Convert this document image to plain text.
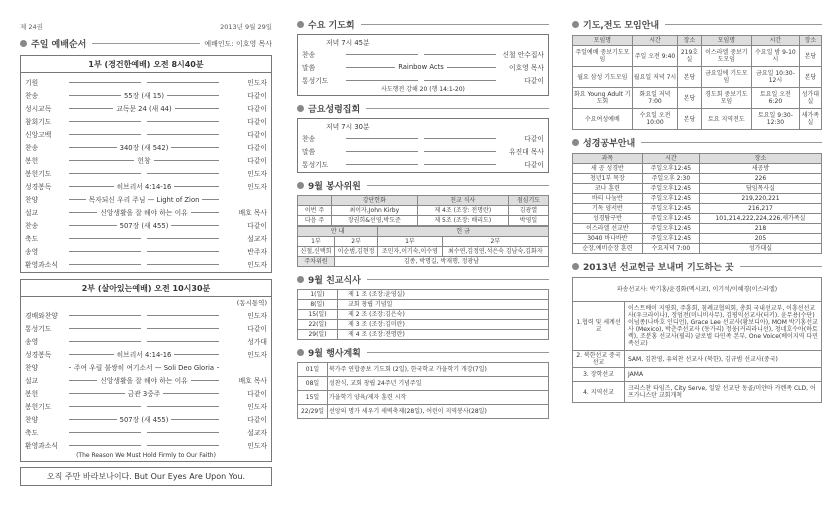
제 24권	2013년 9월 29일
주일 예배순서	예배인도: 이호영 목사
1부 (경건한예배) 오전 8시40분
기원	인도자
찬송	55장 (새 15)	다같이
성시교독	교독문 24 (새 44)	다같이
참회기도	다같이
신앙고백	다같이
찬송	340장 (새 542)	다같이
봉헌	헌창	다같이
봉헌기도	인도자
성경봉독	히브리서 4:14-16	인도자
찬양	목자되신 우리 주님 — Light of Zion
설교	신앙생활을 잘 해야 하는 이유	배호 목사
찬송	507장 (새 455)	다같이
축도	설교자
송영	반주자
환영과소식	인도자
2부 (살아있는예배) 오전 10시30분
(동시통역)
경배와찬양	인도자
통성기도	다같이
송영	성가대
성경봉독	히브리서 4:14-16	인도자
찬양	주여 우릴 불쌍히 여기소서 — Soli Deo Gloria
설교	신앙생활을 잘 해야 하는 이유	배호 목사
봉헌	금관 3중주	다같이
봉헌기도	인도자
찬양	507장 (새 455)	다같이
축도	설교자
환영과소식	인도자
(The Reason We Must Hold Firmly to Our Faith)
오직 주만 바라보나이다. But Our Eyes Are Upon You.
수요 기도회
저녁 7시 45분
찬송	신철 안수집사
말씀	Rainbow Acts	이호영 목사
통성기도	다같이
사도행전 강해 20 (행 14:1-20)
금요성령집회
저녁 7시 30분
찬송	다같이
말씀	유진대 목사
통성기도	다같이
9월 봉사위원
	강단헌화	친교 식사	점심기도
이번 주	최이자,John Kirby	제 4조 (조장: 전명란)	김광열
다음 주	장권희&선영,박도준	제 5조 (조장: 배리도)	박영일
안 내		헌 금	
1부	2부	1부	2부
신철,신택희	이순범,김현정	조민자,이기숙,이수영	최수연,김정연,석은숙 김남숙,김화자
주차위원	김종, 박명길, 박재행, 정광남		
9월 친교식사
1(일)	제 1 조 (조장:윤영실)
8(일)	교회 창립 기념일
15(일)	제 2 조 (조장:김은숙)
22(일)	제 3 조 (조장:김미란)
29(일)	제 4 조 (조장:전명란)
9월 행사계획
01일	북가주 연합중보 기도회 (2일), 한국학교 가을학기 개강(7일)
08일	성찬식, 교회 창립 24주년 기념주일
15일	가을학기 양육/제자 훈련 시작
22/29일	선앙의 명가 세우기 새벽축제(28일), 어린이 지역봉사(28일)
기도,전도 모임안내
모임명	시간	장소	모임명	시간	장소
주일예배 중보기도모임	주일 오전 9:40	219호실	이스라엘 중보기도모임	수요일 밤 9-10시	본당
월요 삼성 기도모임	월요일 저녁 7시	본당	금요일에 기도모임	금요일 10:30-12시	본당
화요 Young Adult 기도회	화요일 저녁7:00	본당	경도회 중보기도모임	토요일 오전 6:20	성가대실
수요여성예배	수요일 오전 10:00	본당	토요 지역전도	토요일 9:30-12:30	새가족실
성경공부안내
과목	시간	장소
새 공 성경반	주일오후12:45	새공방
청년1부 목장	주일오후 2:30	226
코나 훈련	주일오후12:45	담임목사실
바티 나눔반	주일오후12:45	219,220,221
기독 양서반	주일오후12:45	216,217
성경탐구반	주일오후12:45	101,214,222,224,226,새가족실
이스라엘 선교반	주일오후12:45	218
3040 바나바반	주일오후12:45	205
순장,예비순장 훈련	수요저녁 7:00	성가대실
2013년 선교헌금 보내며 기도하는 곳
파송선교사: 박기홍/윤경화(멕시코), 이기석/이혜경(이스라엘)	
1.협력 및 세계선교	이스트베이 지평회, 주흥회, 침례교협의회, 총회 국내선교부, 이흥선선교사(우크라이나), 정엄전(미니비사무), 김평익선교사(터키). 윤무용(수단) 이넘종(나바호 인디언), Grace Lee 선교사(황보디아), MOM 박기홍선교사 (Mexico), 박춘주선교사 (동가리) 정웅(커리라니선), 청네호수아(하토렉), 조분홍 선교사(필리) 글로벌 다민족 본부, One Voice(베이지역 다민족선교)
2. 북한선교 중국선교	SAM, 김찬영, 유의찬 선교사 (북한), 김규범 선교사(중국)
3. 장학선교	JAMA
4. 지역선교	크리스찬 타임즈, City Serve, 일알 선교단 동골/미얀마 카렌족 CLD, 어프가니스탄 교회개척
